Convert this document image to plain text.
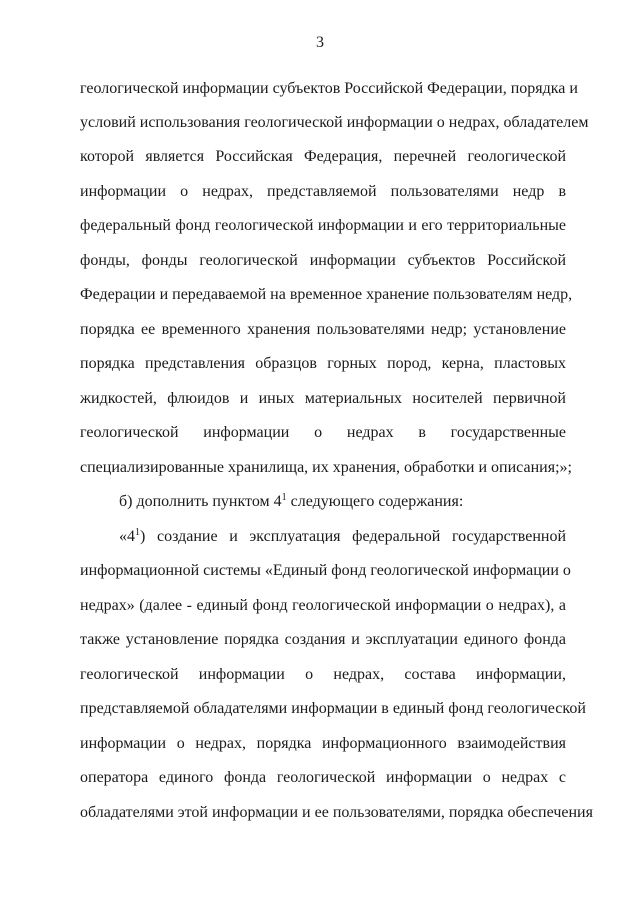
3
геологической информации субъектов Российской Федерации, порядка и
условий использования геологической информации о недрах, обладателем
которой является Российская Федерация, перечней геологической
информации о недрах, представляемой пользователями недр в
федеральный фонд геологической информации и его территориальные
фонды, фонды геологической информации субъектов Российской
Федерации и передаваемой на временное хранение пользователям недр,
порядка ее временного хранения пользователями недр; установление
порядка представления образцов горных пород, керна, пластовых
жидкостей, флюидов и иных материальных носителей первичной
геологической информации о недрах в государственные
специализированные хранилища, их хранения, обработки и описания;»;
б) дополнить пунктом $4^1$ следующего содержания:
«$4^1$) создание и эксплуатация федеральной государственной
информационной системы «Единый фонд геологической информации о
недрах» (далее - единый фонд геологической информации о недрах), а
также установление порядка создания и эксплуатации единого фонда
геологической информации о недрах, состава информации,
представляемой обладателями информации в единый фонд геологической
информации о недрах, порядка информационного взаимодействия
оператора единого фонда геологической информации о недрах с
обладателями этой информации и ее пользователями, порядка обеспечения
